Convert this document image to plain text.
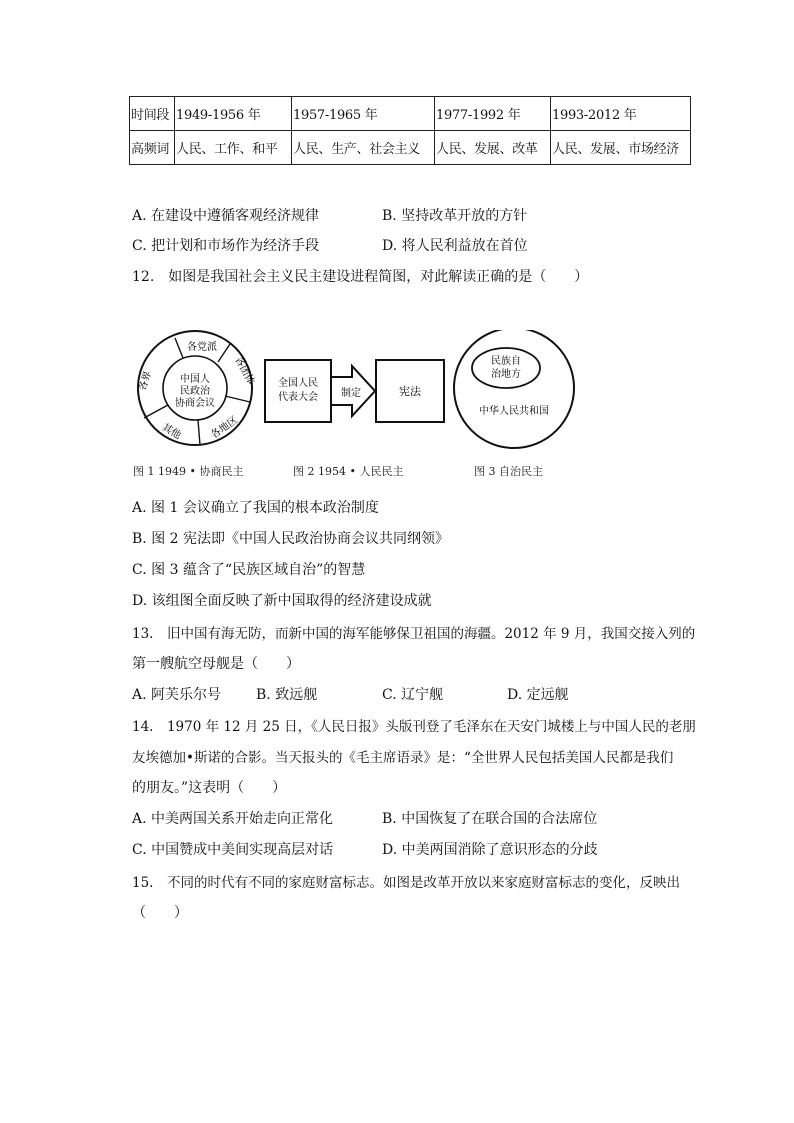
时间段	1949-1956 年	1957-1965 年	1977-1992 年	1993-2012 年
高频词	人民、工作、和平	人民、生产、社会主义	人民、发展、改革	人民、发展、市场经济
A. 在建设中遵循客观经济规律	B. 坚持改革开放的方针
C. 把计划和市场作为经济手段	D. 将人民利益放在首位
12.　如图是我国社会主义民主建设进程简图，对此解读正确的是（　　）
中国人
民政治
协商会议
各党派
各团体
各地区
其他
各界	全国人民
代表大会 制定	宪法
民族自
治地方
中华人民共和国
图 1 1949 • 协商民主	图 2 1954 • 人民民主	图 3 自治民主
A. 图 1 会议确立了我国的根本政治制度
B. 图 2 宪法即《中国人民政治协商会议共同纲领》
C. 图 3 蕴含了“民族区域自治”的智慧
D. 该组图全面反映了新中国取得的经济建设成就
13.　旧中国有海无防，而新中国的海军能够保卫祖国的海疆。2012 年 9 月，我国交接入列的
第一艘航空母舰是（　　）
A. 阿芙乐尔号 B. 致远舰	C. 辽宁舰	D. 定远舰
14.　1970 年 12 月 25 日，《人民日报》头版刊登了毛泽东在天安门城楼上与中国人民的老朋
友埃德加•斯诺的合影。当天报头的《毛主席语录》是：“全世界人民包括美国人民都是我们
的朋友。”这表明（　　）
A. 中美两国关系开始走向正常化	B. 中国恢复了在联合国的合法席位
C. 中国赞成中美间实现高层对话	D. 中美两国消除了意识形态的分歧
15.　不同的时代有不同的家庭财富标志。如图是改革开放以来家庭财富标志的变化，反映出
（　　）
